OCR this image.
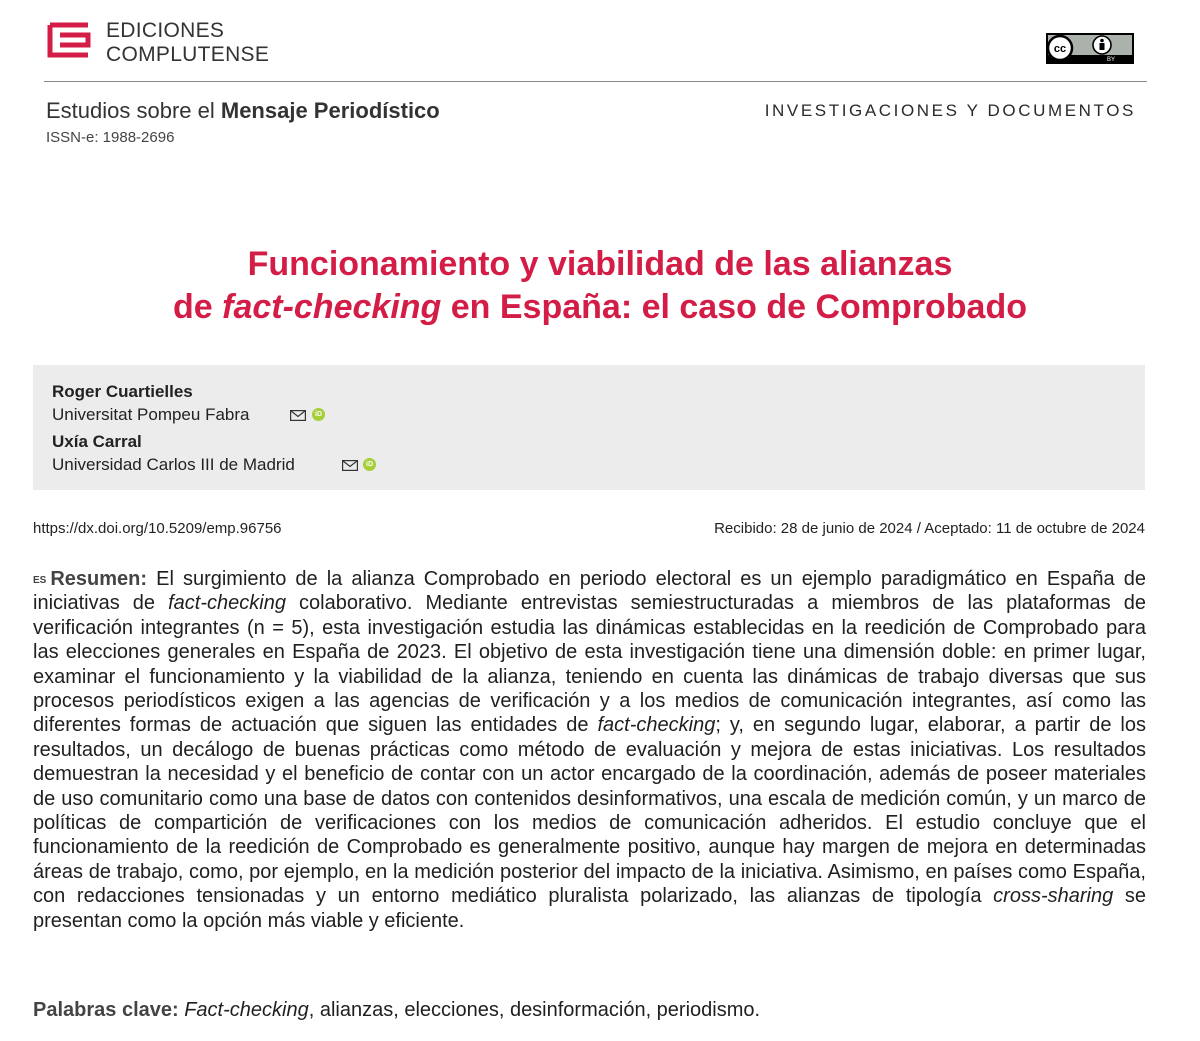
EDICIONES
COMPLUTENSE	cc
BY
Estudios sobre el Mensaje Periodístico
ISSN-e: 1988-2696
INVESTIGACIONES Y DOCUMENTOS
Funcionamiento y viabilidad de las alianzas
de fact-checking en España: el caso de Comprobado
Roger Cuartielles
Universitat Pompeu Fabra	iD
Uxía Carral
Universidad Carlos III de Madrid	iD
https://dx.doi.org/10.5209/emp.96756	Recibido: 28 de junio de 2024 / Aceptado: 11 de octubre de 2024
$^{ES}$ Resumen: El surgimiento de la alianza Comprobado en periodo electoral es un ejemplo paradigmático en España de iniciativas de fact-checking colaborativo. Mediante entrevistas semiestructuradas a miembros de las plataformas de verificación integrantes (n = 5), esta investigación estudia las dinámicas establecidas en la reedición de Comprobado para las elecciones generales en España de 2023. El objetivo de esta investigación tiene una dimensión doble: en primer lugar, examinar el funcionamiento y la viabilidad de la alianza, teniendo en cuenta las dinámicas de trabajo diversas que sus procesos periodísticos exigen a las agencias de verificación y a los medios de comunicación integrantes, así como las diferentes formas de actuación que siguen las entidades de fact-checking; y, en segundo lugar, elaborar, a partir de los resultados, un decálogo de buenas prácticas como método de evaluación y mejora de estas iniciativas. Los resultados demuestran la necesidad y el beneficio de contar con un actor encargado de la coordinación, además de poseer materiales de uso comunitario como una base de datos con contenidos desinformativos, una escala de medición común, y un marco de políticas de compartición de verificaciones con los medios de comunicación adheridos. El estudio concluye que el funcionamiento de la reedición de Comprobado es generalmente positivo, aunque hay margen de mejora en determinadas áreas de trabajo, como, por ejemplo, en la medición posterior del impacto de la iniciativa. Asimismo, en países como España, con redacciones tensionadas y un entorno mediático pluralista polarizado, las alianzas de tipología cross-sharing se presentan como la opción más viable y eficiente.
Palabras clave: Fact-checking, alianzas, elecciones, desinformación, periodismo.
